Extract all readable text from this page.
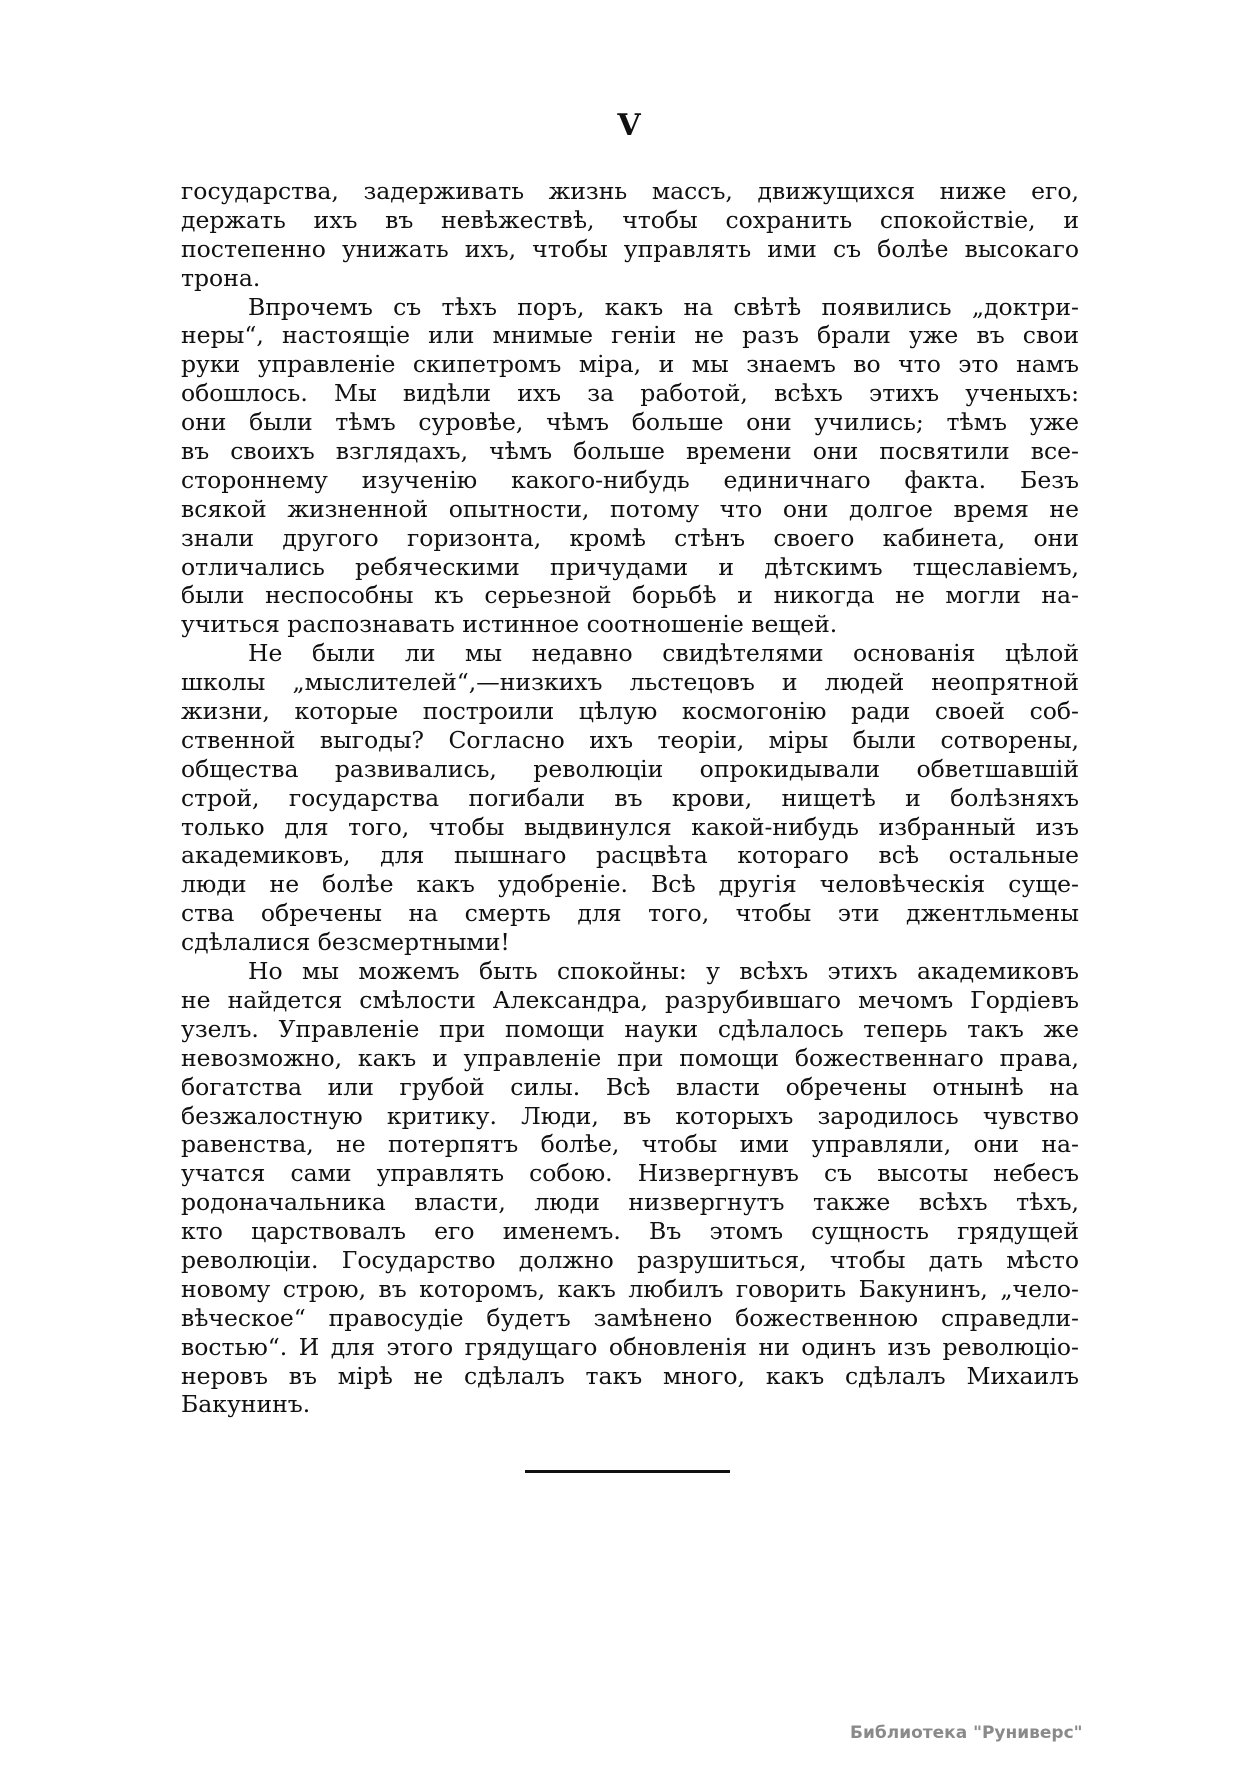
V
государства, задерживать жизнь массъ, движущихся ниже его,
держать ихъ въ невѣжествѣ, чтобы сохранить спокойствіе, и
постепенно унижать ихъ, чтобы управлять ими съ болѣе высокаго
трона.
Впрочемъ съ тѣхъ поръ, какъ на свѣтѣ появились „доктри-
неры“, настоящіе или мнимые геніи не разъ брали уже въ свои
руки управленіе скипетромъ міра, и мы знаемъ во что это намъ
обошлось. Мы видѣли ихъ за работой, всѣхъ этихъ ученыхъ:
они были тѣмъ суровѣе, чѣмъ больше они учились; тѣмъ уже
въ своихъ взглядахъ, чѣмъ больше времени они посвятили все-
стороннему изученію какого-нибудь единичнаго факта. Безъ
всякой жизненной опытности, потому что они долгое время не
знали другого горизонта, кромѣ стѣнъ своего кабинета, они
отличались ребяческими причудами и дѣтскимъ тщеславіемъ,
были неспособны къ серьезной борьбѣ и никогда не могли на-
учиться распознавать истинное соотношеніе вещей.
Не были ли мы недавно свидѣтелями основанія цѣлой
школы „мыслителей“,—низкихъ льстецовъ и людей неопрятной
жизни, которые построили цѣлую космогонію ради своей соб-
ственной выгоды? Согласно ихъ теоріи, міры были сотворены,
общества развивались, революціи опрокидывали обветшавшій
строй, государства погибали въ крови, нищетѣ и болѣзняхъ
только для того, чтобы выдвинулся какой-нибудь избранный изъ
академиковъ, для пышнаго расцвѣта котораго всѣ остальные
люди не болѣе какъ удобреніе. Всѣ другія человѣческія суще-
ства обречены на смерть для того, чтобы эти джентльмены
сдѣлалися безсмертными!
Но мы можемъ быть спокойны: у всѣхъ этихъ академиковъ
не найдется смѣлости Александра, разрубившаго мечомъ Гордіевъ
узелъ. Управленіе при помощи науки сдѣлалось теперь такъ же
невозможно, какъ и управленіе при помощи божественнаго права,
богатства или грубой силы. Всѣ власти обречены отнынѣ на
безжалостную критику. Люди, въ которыхъ зародилось чувство
равенства, не потерпятъ болѣе, чтобы ими управляли, они на-
учатся сами управлять собою. Низвергнувъ съ высоты небесъ
родоначальника власти, люди низвергнутъ также всѣхъ тѣхъ,
кто царствовалъ его именемъ. Въ этомъ сущность грядущей
революціи. Государство должно разрушиться, чтобы дать мѣсто
новому строю, въ которомъ, какъ любилъ говорить Бакунинъ, „чело-
вѣческое“ правосудіе будетъ замѣнено божественною справедли-
востью“. И для этого грядущаго обновленія ни одинъ изъ революціо-
неровъ въ мірѣ не сдѣлалъ такъ много, какъ сдѣлалъ Михаилъ
Бакунинъ.
Библиотека "Руниверс"
